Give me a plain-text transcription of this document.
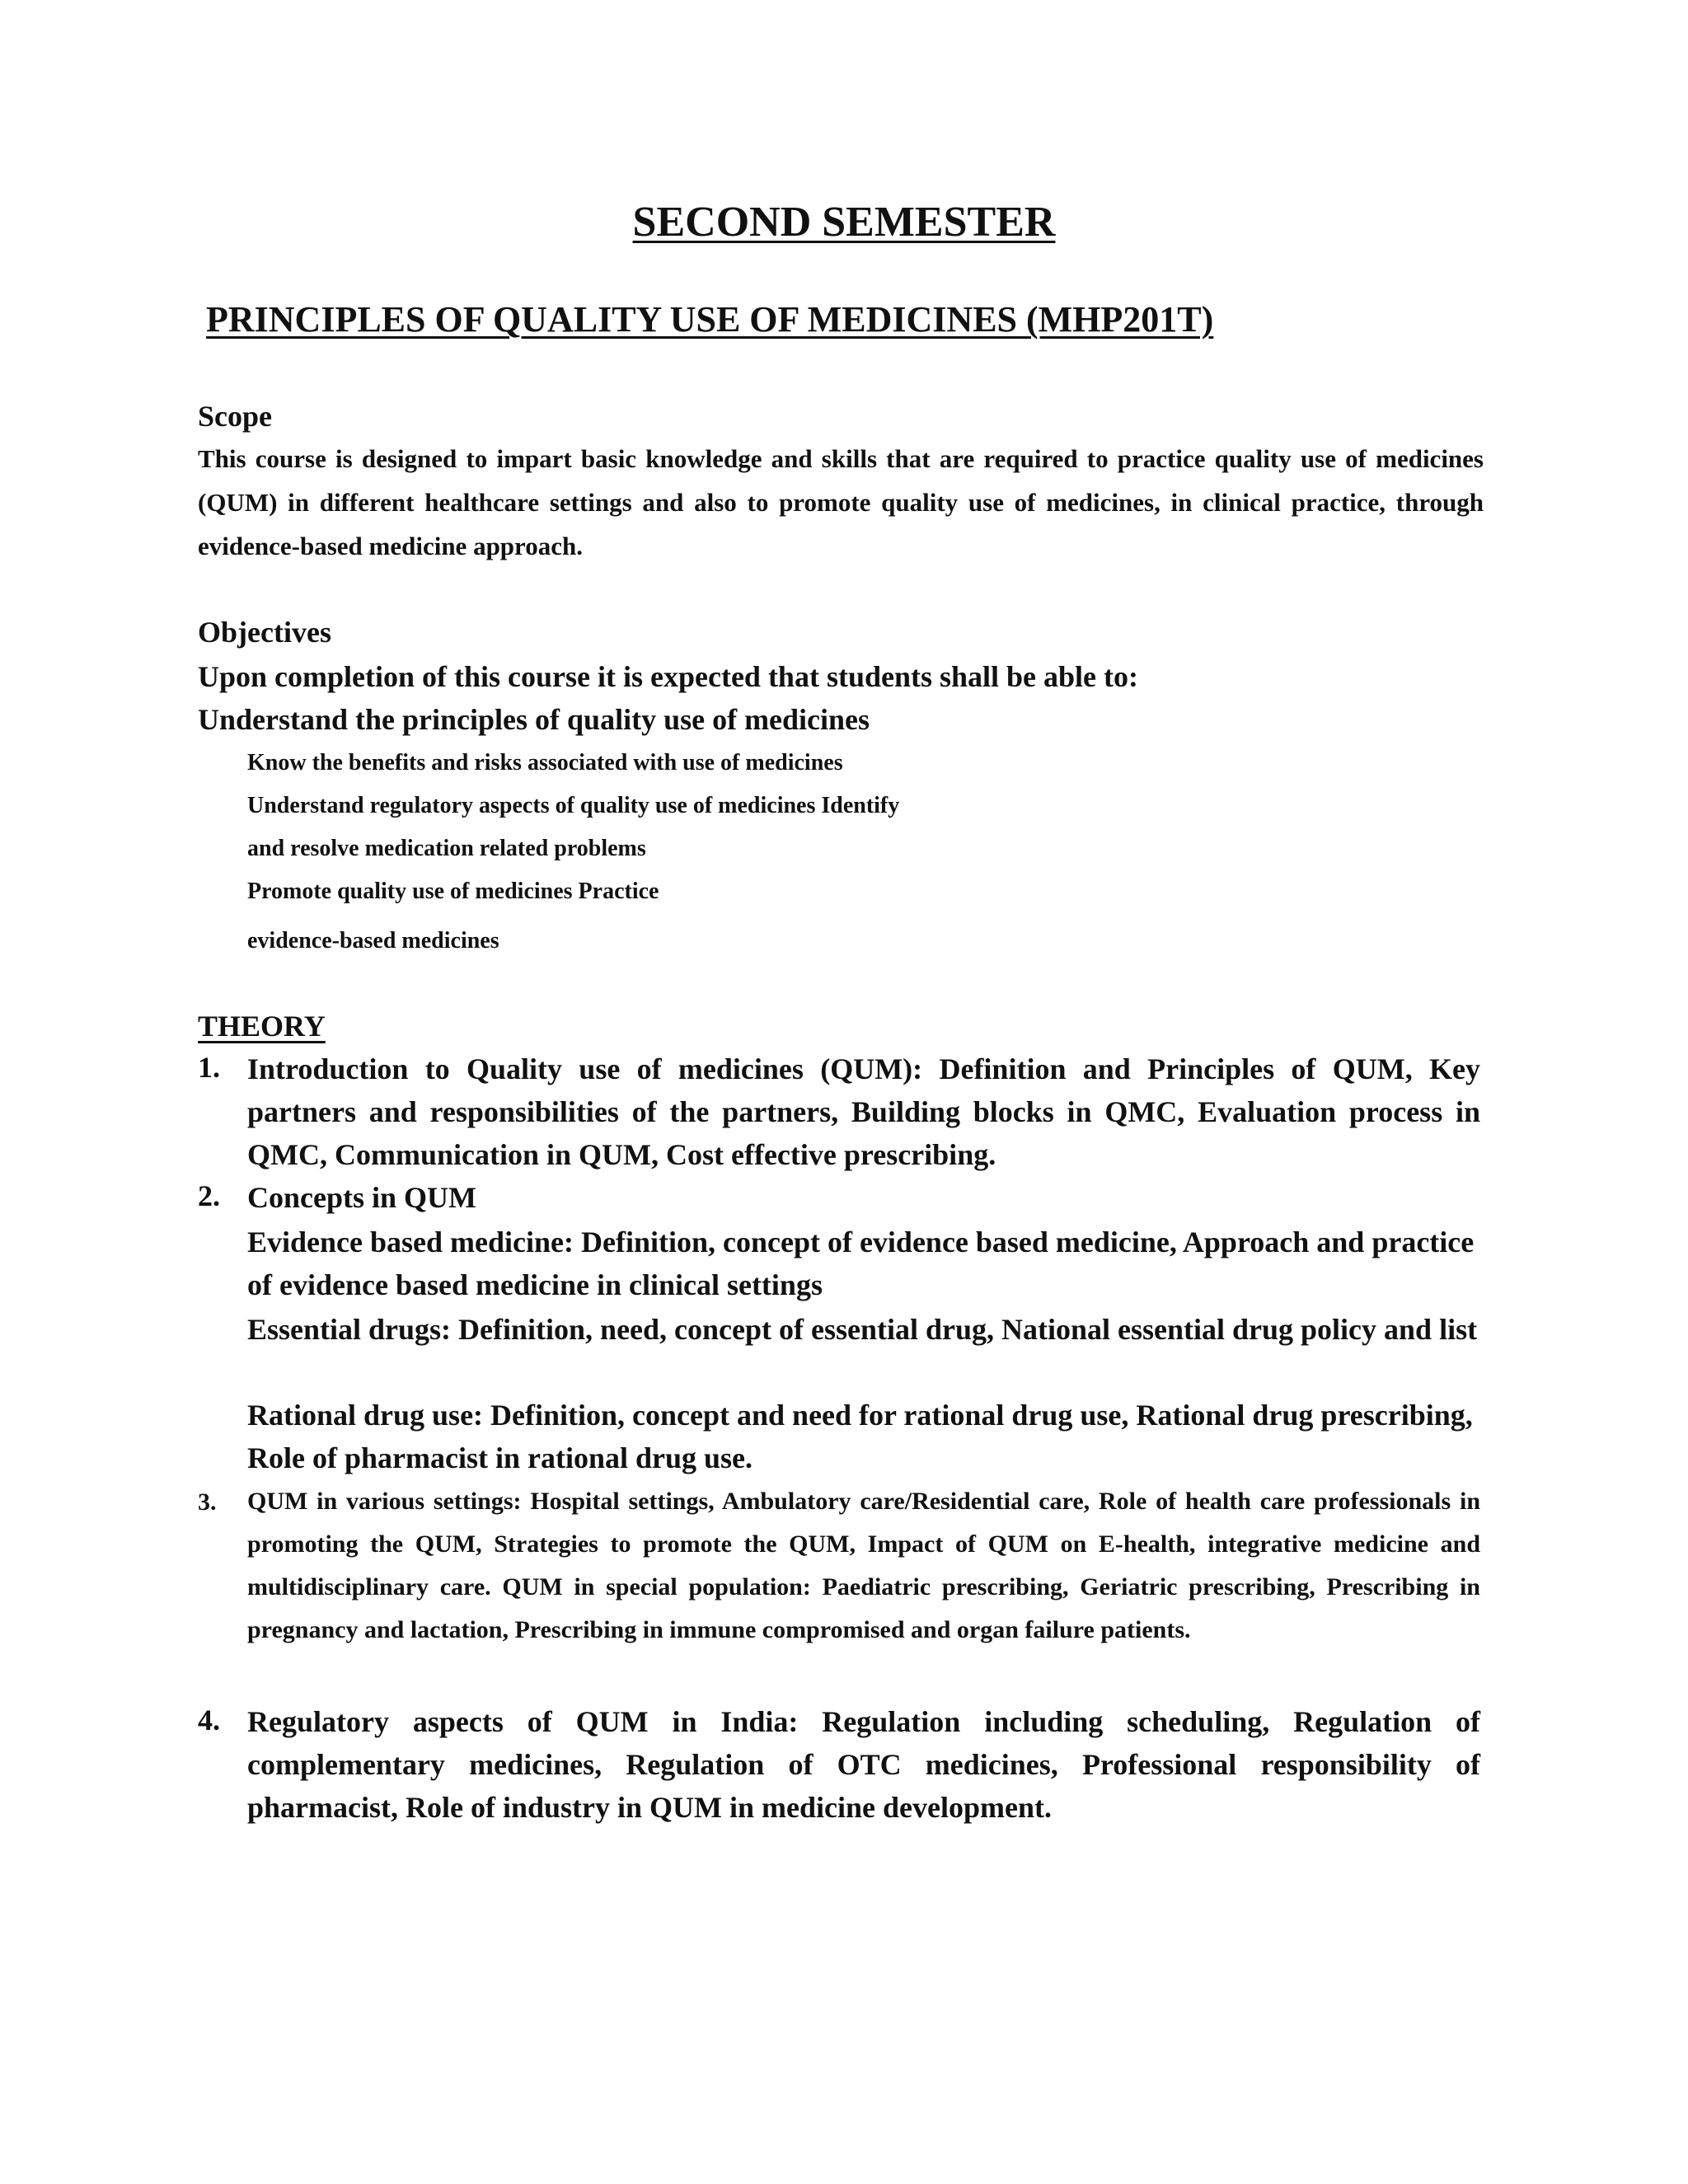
SECOND SEMESTER
PRINCIPLES OF QUALITY USE OF MEDICINES (MHP201T)
Scope
This course is designed to impart basic knowledge and skills that are required to practice quality use of medicines (QUM) in different healthcare settings and also to promote quality use of medicines, in clinical practice, through evidence-based medicine approach.
Objectives
Upon completion of this course it is expected that students shall be able to:
Understand the principles of quality use of medicines
Know the benefits and risks associated with use of medicines
Understand regulatory aspects of quality use of medicines Identify
and resolve medication related problems
Promote quality use of medicines Practice
evidence-based medicines
THEORY
1. Introduction to Quality use of medicines (QUM): Definition and Principles of QUM, Key partners and responsibilities of the partners, Building blocks in QMC, Evaluation process in QMC, Communication in QUM, Cost effective prescribing.
2. Concepts in QUM
Evidence based medicine: Definition, concept of evidence based medicine, Approach and practice of evidence based medicine in clinical settings
Essential drugs: Definition, need, concept of essential drug, National essential drug policy and list
Rational drug use: Definition, concept and need for rational drug use, Rational drug prescribing, Role of pharmacist in rational drug use.
3. QUM in various settings: Hospital settings, Ambulatory care/Residential care, Role of health care professionals in promoting the QUM, Strategies to promote the QUM, Impact of QUM on E-health, integrative medicine and multidisciplinary care. QUM in special population: Paediatric prescribing, Geriatric prescribing, Prescribing in pregnancy and lactation, Prescribing in immune compromised and organ failure patients.
4. Regulatory aspects of QUM in India: Regulation including scheduling, Regulation of complementary medicines, Regulation of OTC medicines, Professional responsibility of pharmacist, Role of industry in QUM in medicine development.
